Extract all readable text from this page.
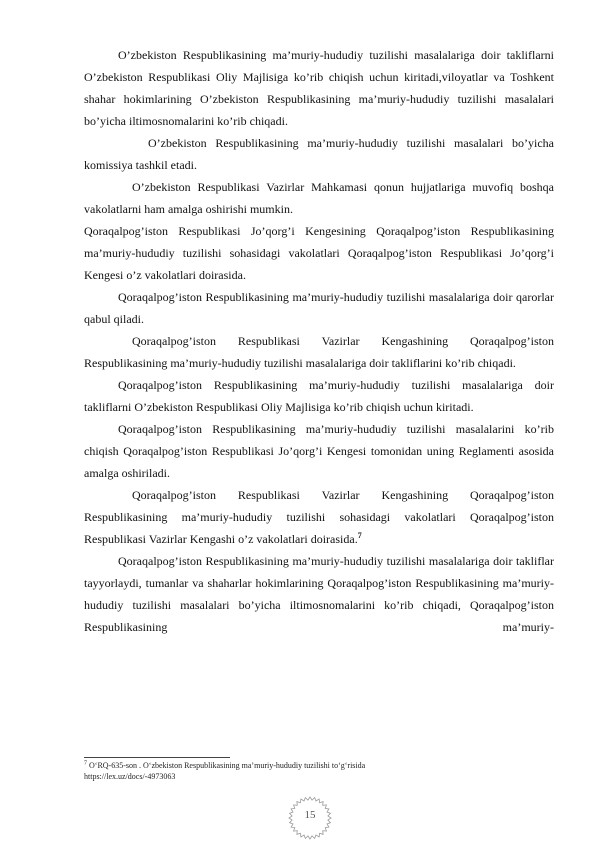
O’zbekiston Respublikasining ma’muriy-hududiy tuzilishi masalalariga doir takliflarni O’zbekiston Respublikasi Oliy Majlisiga ko’rib chiqish uchun kiritadi,viloyatlar va Toshkent shahar hokimlarining O’zbekiston Respublikasining ma’muriy-hududiy tuzilishi masalalari bo’yicha iltimosnomalarini ko’rib chiqadi.

O’zbekiston Respublikasining ma’muriy-hududiy tuzilishi masalalari bo’yicha komissiya tashkil etadi.

O’zbekiston Respublikasi Vazirlar Mahkamasi qonun hujjatlariga muvofiq boshqa vakolatlarni ham amalga oshirishi mumkin.

Qoraqalpog’iston Respublikasi Jo’qorg’i Kengesining Qoraqalpog’iston Respublikasining ma’muriy-hududiy tuzilishi sohasidagi vakolatlari Qoraqalpog’iston Respublikasi Jo’qorg’i Kengesi o’z vakolatlari doirasida.

Qoraqalpog’iston Respublikasining ma’muriy-hududiy tuzilishi masalalariga doir qarorlar qabul qiladi.

Qoraqalpog’iston Respublikasi Vazirlar Kengashining Qoraqalpog’iston Respublikasining ma’muriy-hududiy tuzilishi masalalariga doir takliflarini ko’rib chiqadi.

Qoraqalpog’iston Respublikasining ma’muriy-hududiy tuzilishi masalalariga doir takliflarni O’zbekiston Respublikasi Oliy Majlisiga ko’rib chiqish uchun kiritadi.

Qoraqalpog’iston Respublikasining ma’muriy-hududiy tuzilishi masalalarini ko’rib chiqish Qoraqalpog’iston Respublikasi Jo’qorg’i Kengesi tomonidan uning Reglamenti asosida amalga oshiriladi.

Qoraqalpog’iston Respublikasi Vazirlar Kengashining Qoraqalpog’iston Respublikasining ma’muriy-hududiy tuzilishi sohasidagi vakolatlari Qoraqalpog’iston Respublikasi Vazirlar Kengashi o’z vakolatlari doirasida.$^7$

Qoraqalpog’iston Respublikasining ma’muriy-hududiy tuzilishi masalalariga doir takliflar tayyorlaydi, tumanlar va shaharlar hokimlarining Qoraqalpog’iston Respublikasining ma’muriy-hududiy tuzilishi masalalari bo’yicha iltimosnomalarini ko’rib chiqadi, Qoraqalpog’iston Respublikasining ma’muriy-

$^7$ O‘RQ-635-son . O‘zbekiston Respublikasining ma’muriy-hududiy tuzilishi to‘g‘risida
https://lex.uz/docs/-4973063
15
